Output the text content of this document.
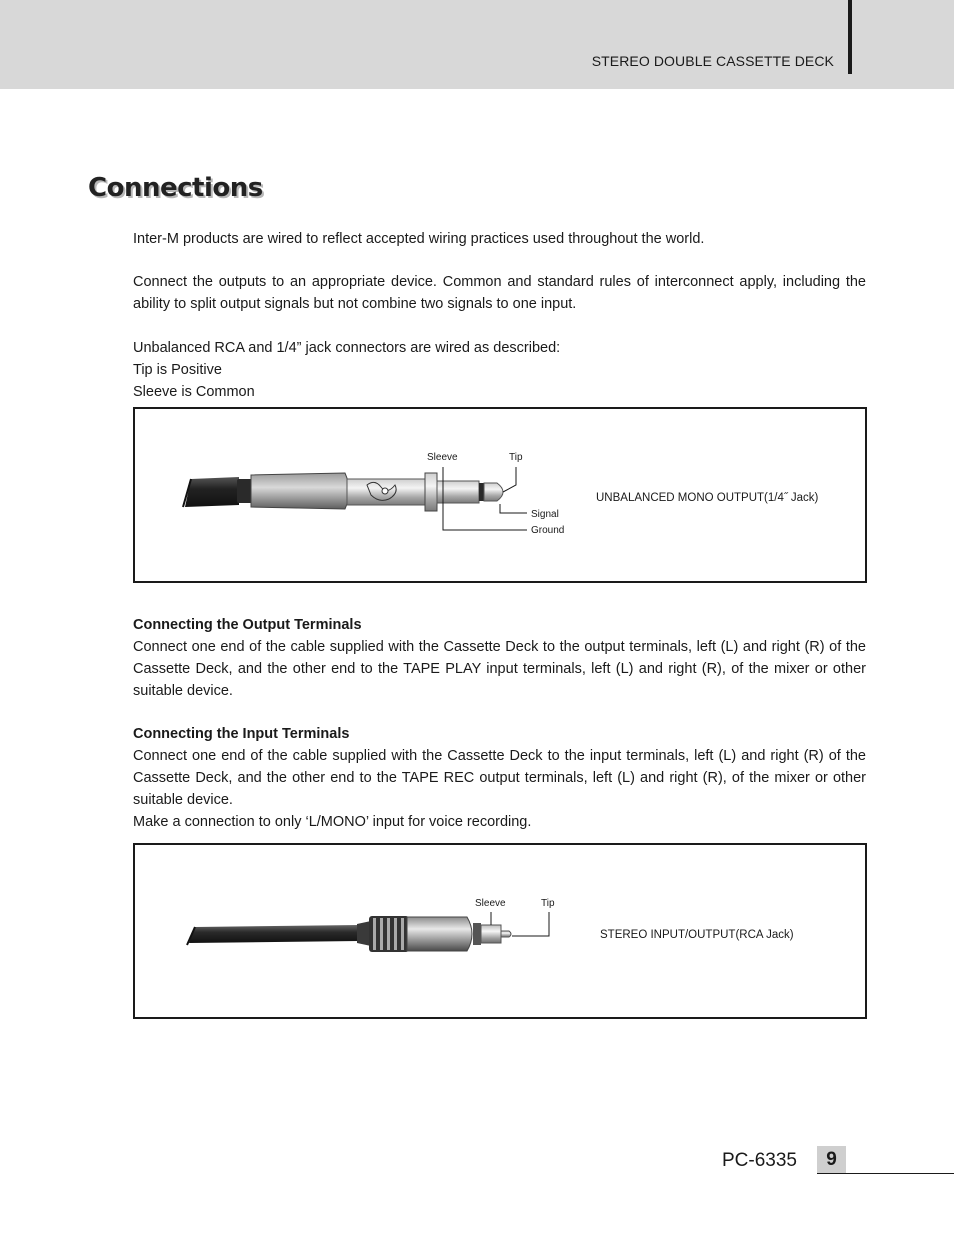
STEREO DOUBLE CASSETTE DECK
Connections

Inter-M products are wired to reflect accepted wiring practices used throughout the world.

Connect the outputs to an appropriate device. Common and standard rules of interconnect apply, including the ability to split output signals but not combine two signals to one input.

Unbalanced RCA and 1/4” jack connectors are wired as described:
Tip is Positive
Sleeve is Common

Sleeve	Tip
Signal
Ground
UNBALANCED MONO OUTPUT(1/4˝ Jack)
Connecting the Output Terminals
Connect one end of the cable supplied with the Cassette Deck to the output terminals, left (L) and right (R) of the Cassette Deck, and the other end to the TAPE PLAY input terminals, left (L) and right (R), of the mixer or other suitable device.
Connecting the Input Terminals
Connect one end of the cable supplied with the Cassette Deck to the input terminals, left (L) and right (R) of the Cassette Deck, and the other end to the TAPE REC output terminals, left (L) and right (R), of the mixer or other suitable device.
Make a connection to only ‘L/MONO’ input for voice recording.
Sleeve	Tip
STEREO INPUT/OUTPUT(RCA Jack)
PC-6335	9
